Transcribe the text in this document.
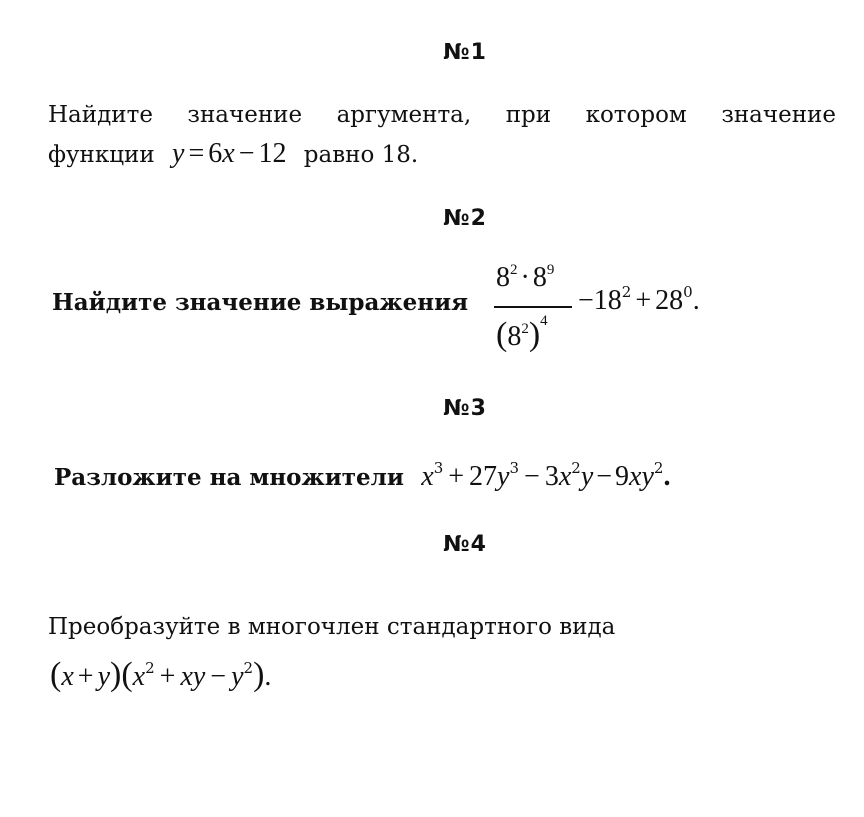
№1
Найдите значение аргумента, при котором значение
функции y = 6x − 12 равно 18.
№2
Найдите значение выражения
$8^2 \cdot 8^9$
$(8^2)^4$
$-18^2 + 28^0$.
№3
Разложите на множители $x^3 + 27y^3 - 3x^2y - 9xy^2$.
№4
Преобразуйте в многочлен стандартного вида
$(x + y)(x^2$ + xy − $y^2$).
